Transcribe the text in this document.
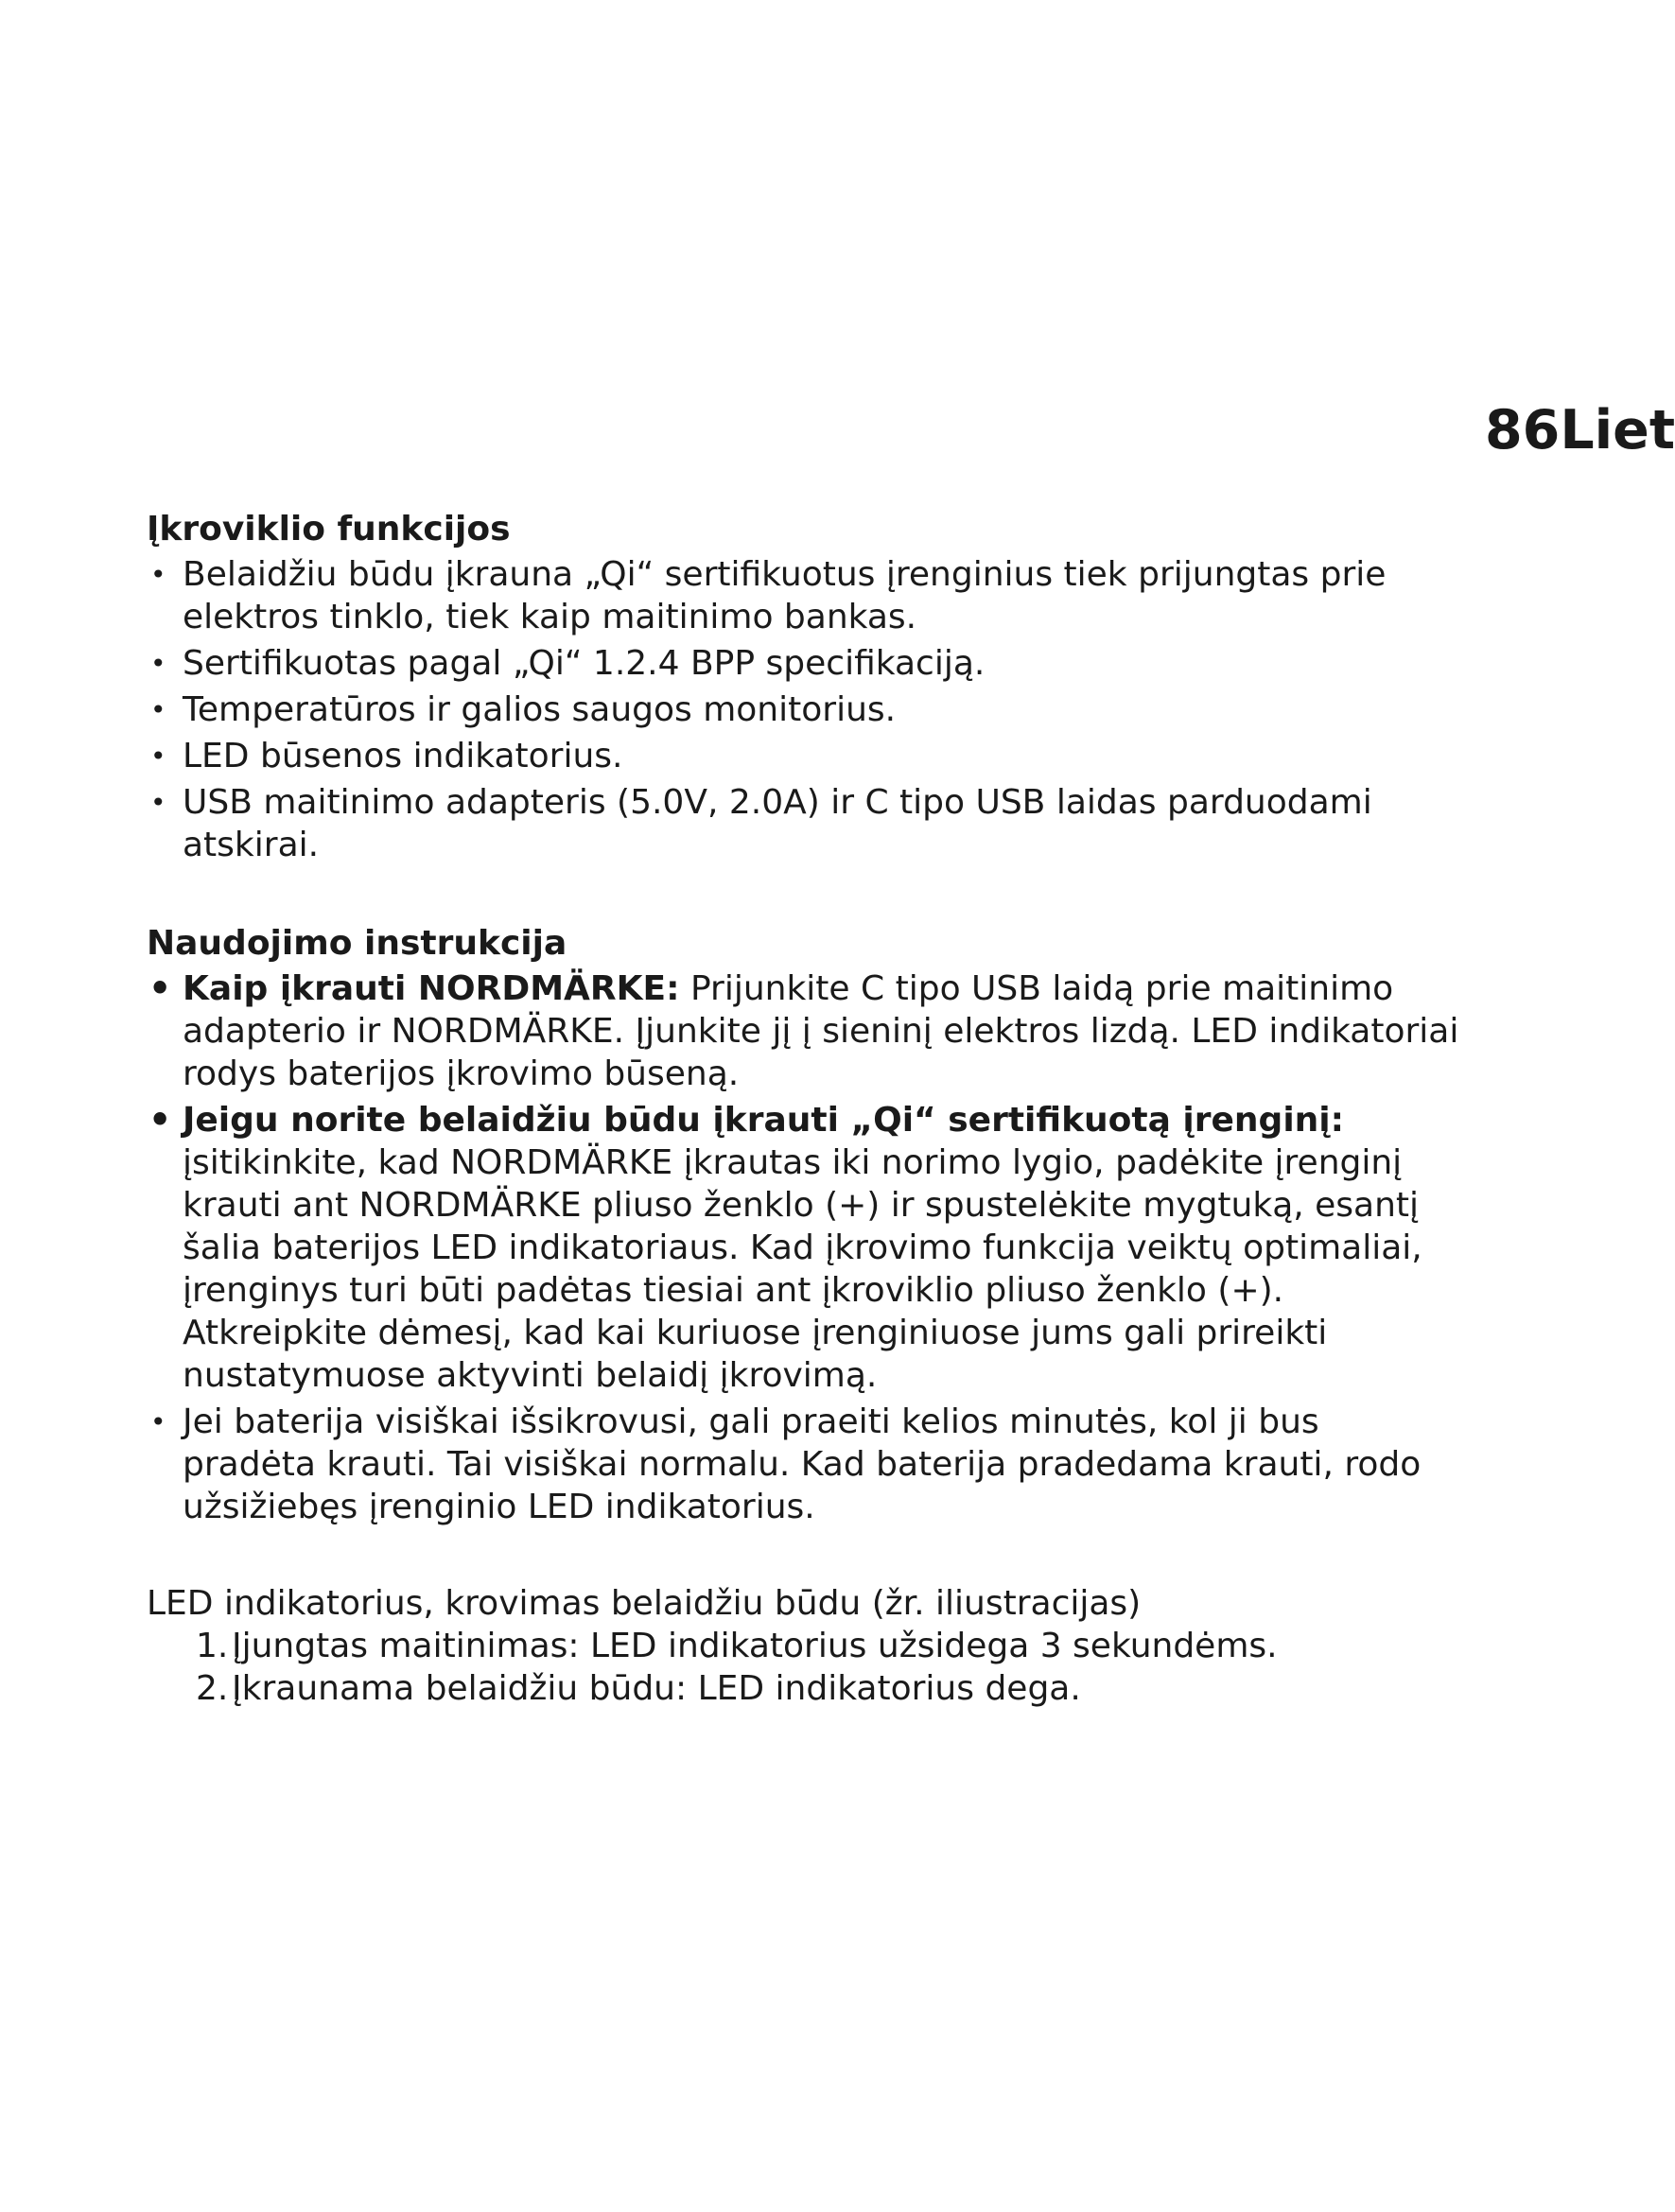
86Liet
Įkroviklio funkcijos
• Belaidžiu būdu įkrauna „Qi“ sertifikuotus įrenginius tiek prijungtas prie elektros tinklo, tiek kaip maitinimo bankas.
• Sertifikuotas pagal „Qi“ 1.2.4 BPP specifikaciją.
• Temperatūros ir galios saugos monitorius.
• LED būsenos indikatorius.
• USB maitinimo adapteris (5.0V, 2.0A) ir C tipo USB laidas parduodami atskirai.
Naudojimo instrukcija
• Kaip įkrauti NORDMÄRKE: Prijunkite C tipo USB laidą prie maitinimo adapterio ir NORDMÄRKE. Įjunkite jį į sieninį elektros lizdą. LED indikatoriai rodys baterijos įkrovimo būseną.
• Jeigu norite belaidžiu būdu įkrauti „Qi“ sertifikuotą įrenginį: įsitikinkite, kad NORDMÄRKE įkrautas iki norimo lygio, padėkite įrenginį krauti ant NORDMÄRKE pliuso ženklo (+) ir spustelėkite mygtuką, esantį šalia baterijos LED indikatoriaus. Kad įkrovimo funkcija veiktų optimaliai, įrenginys turi būti padėtas tiesiai ant įkroviklio pliuso ženklo (+). Atkreipkite dėmesį, kad kai kuriuose įrenginiuose jums gali prireikti nustatymuose aktyvinti belaidį įkrovimą.
• Jei baterija visiškai išsikrovusi, gali praeiti kelios minutės, kol ji bus pradėta krauti. Tai visiškai normalu. Kad baterija pradedama krauti, rodo užsižiebęs įrenginio LED indikatorius.

LED indikatorius, krovimas belaidžiu būdu (žr. iliustracijas)

1. Įjungtas maitinimas: LED indikatorius užsidega 3 sekundėms.
2. Įkraunama belaidžiu būdu: LED indikatorius dega.
